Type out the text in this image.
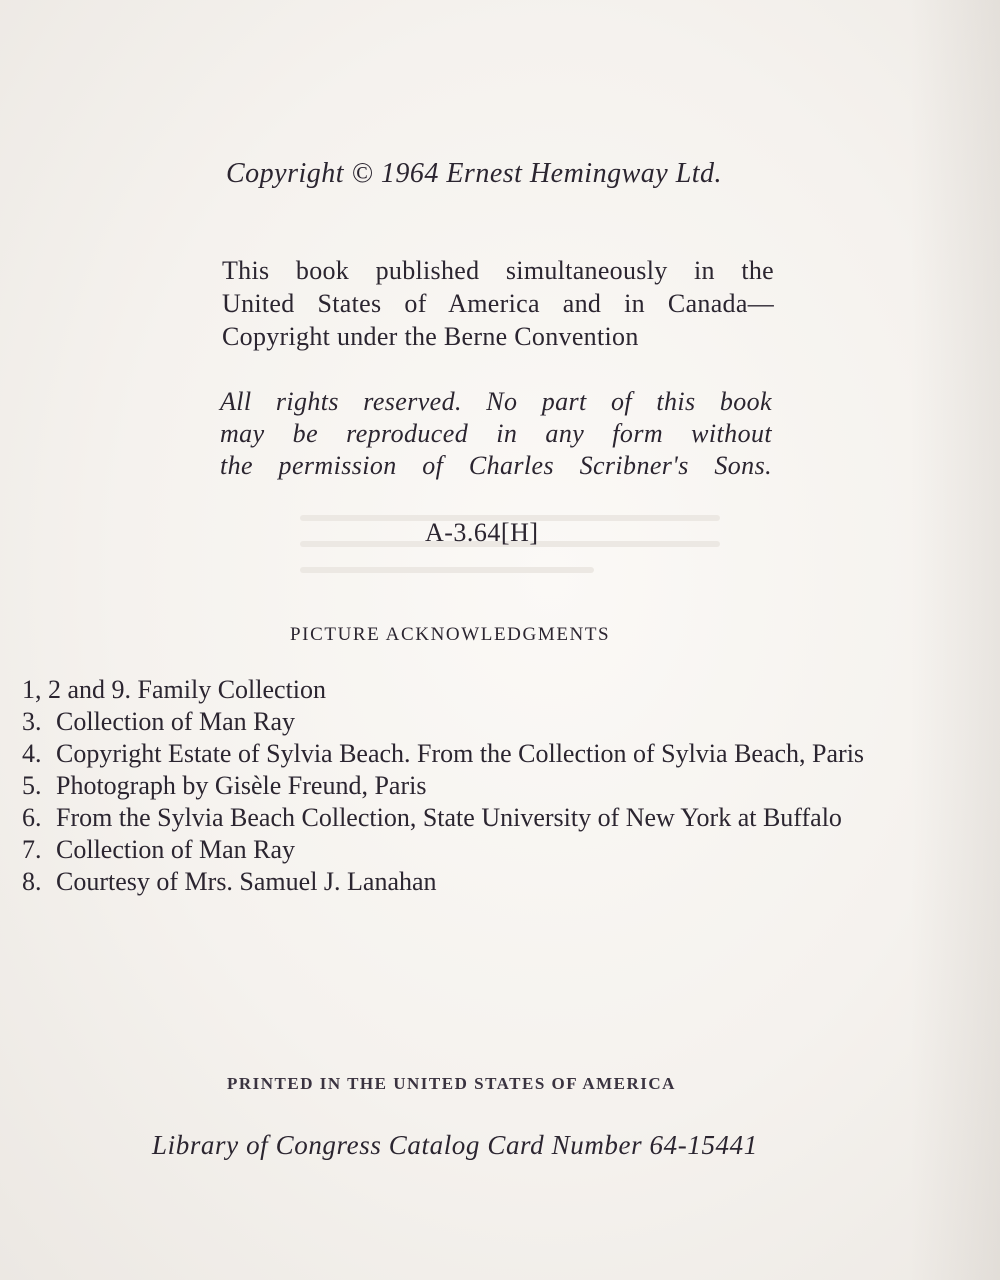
Copyright © 1964 Ernest Hemingway Ltd.
This book published simultaneously in the
United States of America and in Canada—
Copyright under the Berne Convention
All rights reserved. No part of this book
may be reproduced in any form without
the permission of Charles Scribner's Sons.
A-3.64[H]
PICTURE ACKNOWLEDGMENTS
1, 2 and 9. Family Collection
3. Collection of Man Ray
4. Copyright Estate of Sylvia Beach. From the Collection of Sylvia Beach, Paris
5. Photograph by Gisèle Freund, Paris
6. From the Sylvia Beach Collection, State University of New York at Buffalo
7. Collection of Man Ray
8. Courtesy of Mrs. Samuel J. Lanahan
PRINTED IN THE UNITED STATES OF AMERICA
Library of Congress Catalog Card Number 64-15441
